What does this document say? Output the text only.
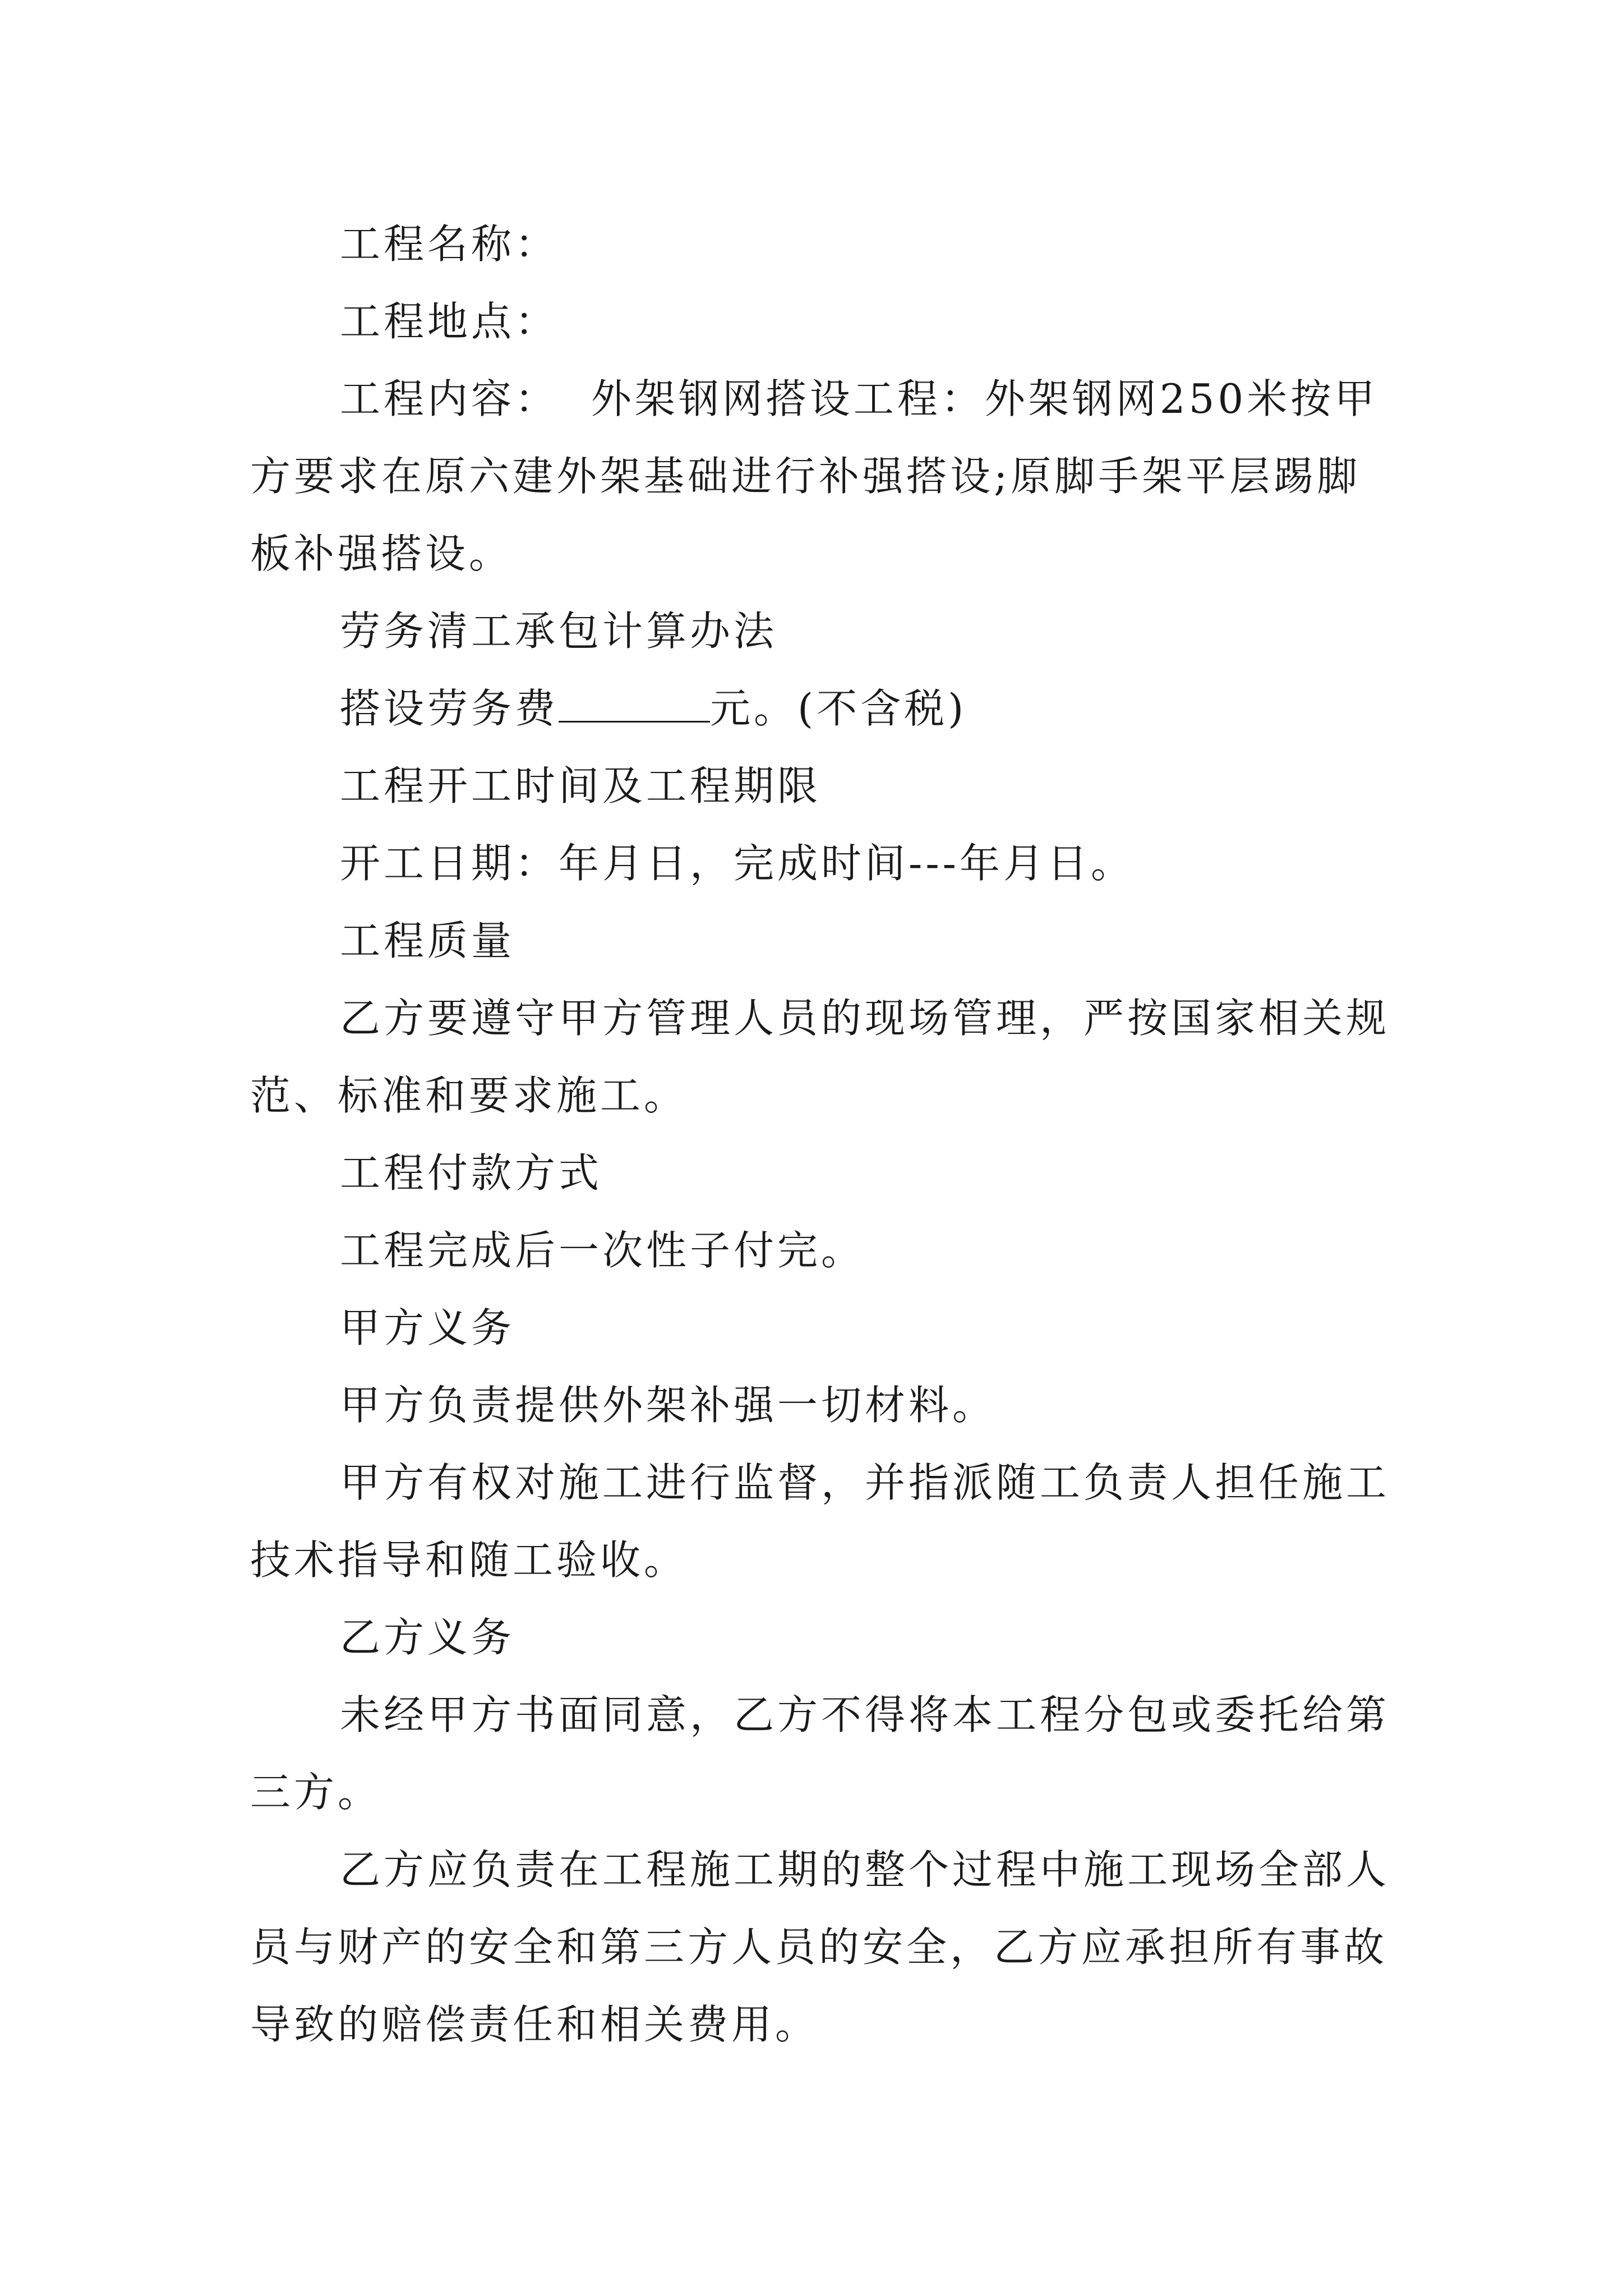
工程名称：

工程地点：

工程内容：  外架钢网搭设工程：外架钢网250米按甲方要求在原六建外架基础进行补强搭设;原脚手架平层踢脚板补强搭设。

劳务清工承包计算办法

搭设劳务费	元。(不含税)

工程开工时间及工程期限

开工日期：年月日，完成时间---年月日。

工程质量

乙方要遵守甲方管理人员的现场管理，严按国家相关规范、标准和要求施工。

工程付款方式

工程完成后一次性子付完。

甲方义务

甲方负责提供外架补强一切材料。

甲方有权对施工进行监督，并指派随工负责人担任施工技术指导和随工验收。

乙方义务

未经甲方书面同意，乙方不得将本工程分包或委托给第三方。

乙方应负责在工程施工期的整个过程中施工现场全部人员与财产的安全和第三方人员的安全，乙方应承担所有事故导致的赔偿责任和相关费用。
